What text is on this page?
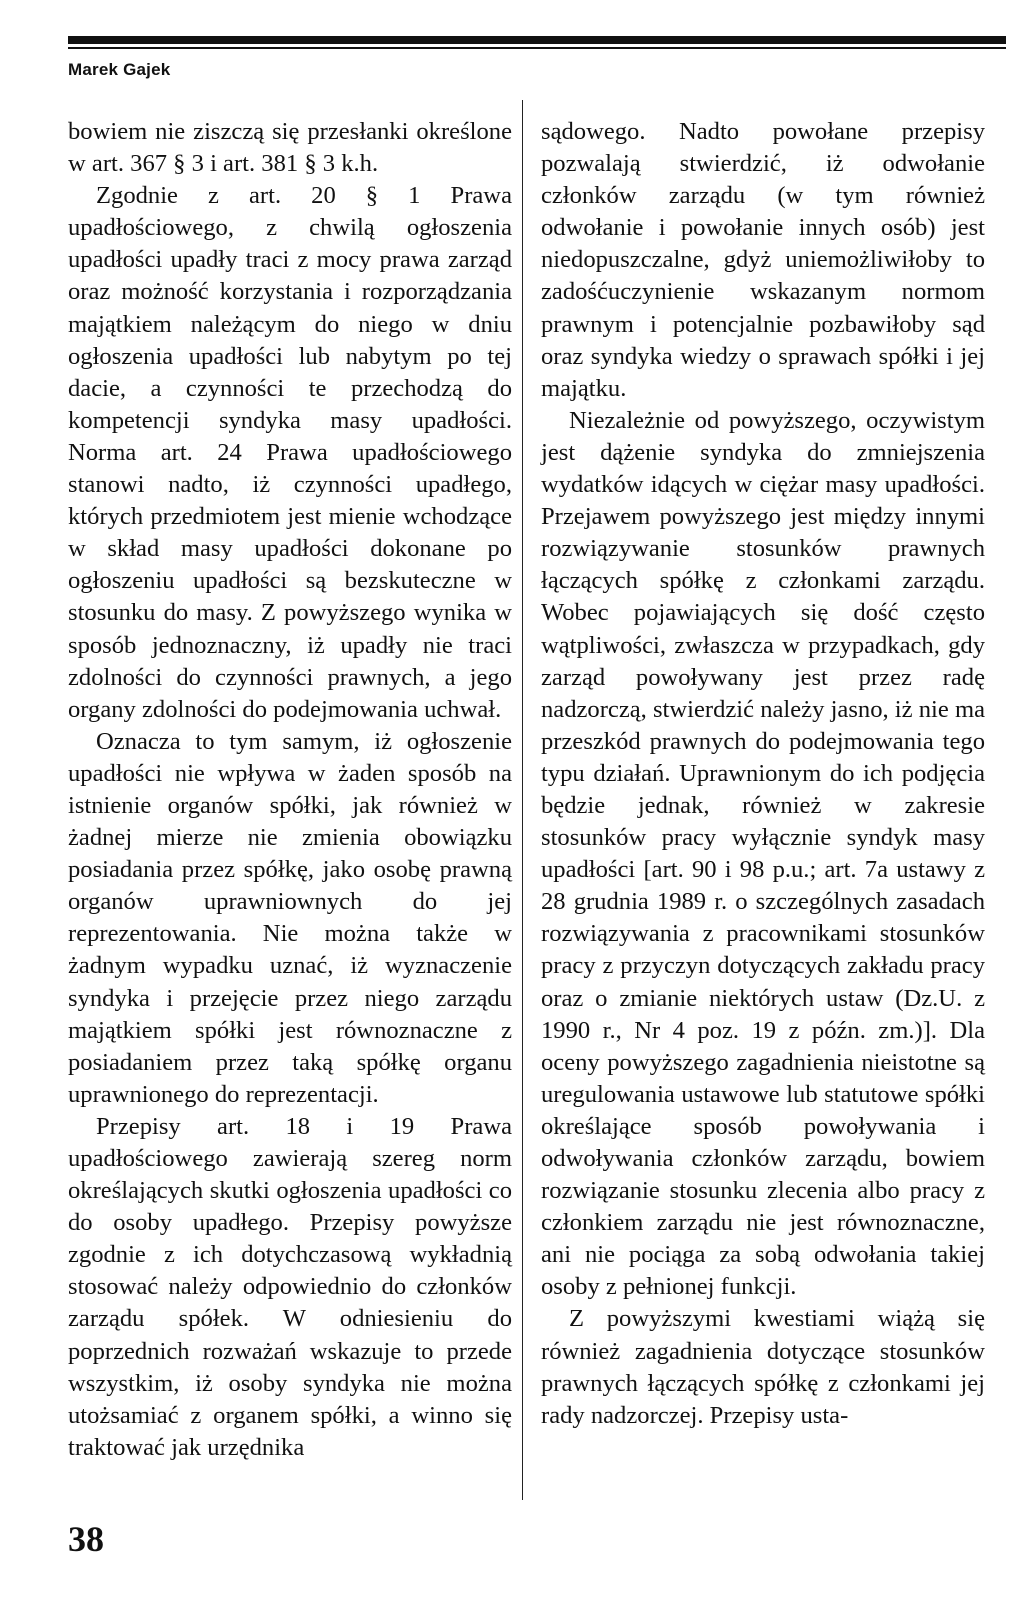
Marek Gajek

bowiem nie ziszczą się przesłanki określone w art. 367 § 3 i art. 381 § 3 k.h.

Zgodnie z art. 20 § 1 Prawa upadłościowego, z chwilą ogłoszenia upadłości upadły traci z mocy prawa zarząd oraz możność korzystania i rozporządzania majątkiem należącym do niego w dniu ogłoszenia upadłości lub nabytym po tej dacie, a czynności te przechodzą do kompetencji syndyka masy upadłości. Norma art. 24 Prawa upadłościowego stanowi nadto, iż czynności upadłego, których przedmiotem jest mienie wchodzące w skład masy upadłości dokonane po ogłoszeniu upadłości są bezskuteczne w stosunku do masy. Z powyższego wynika w sposób jednoznaczny, iż upadły nie traci zdolności do czynności prawnych, a jego organy zdolności do podejmowania uchwał.

Oznacza to tym samym, iż ogłoszenie upadłości nie wpływa w żaden sposób na istnienie organów spółki, jak również w żadnej mierze nie zmienia obowiązku posiadania przez spółkę, jako osobę prawną organów uprawniownych do jej reprezentowania. Nie można także w żadnym wypadku uznać, iż wyznaczenie syndyka i przejęcie przez niego zarządu majątkiem spółki jest równoznaczne z posiadaniem przez taką spółkę organu uprawnionego do reprezentacji.

Przepisy art. 18 i 19 Prawa upadłościowego zawierają szereg norm określających skutki ogłoszenia upadłości co do osoby upadłego. Przepisy powyższe zgodnie z ich dotychczasową wykładnią stosować należy odpowiednio do członków zarządu spółek. W odniesieniu do poprzednich rozważań wskazuje to przede wszystkim, iż osoby syndyka nie można utożsamiać z organem spółki, a winno się traktować jak urzędnika

sądowego. Nadto powołane przepisy pozwalają stwierdzić, iż odwołanie członków zarządu (w tym również odwołanie i powołanie innych osób) jest niedopuszczalne, gdyż uniemożliwiłoby to zadośćuczynienie wskazanym normom prawnym i potencjalnie pozbawiłoby sąd oraz syndyka wiedzy o sprawach spółki i jej majątku.

Niezależnie od powyższego, oczywistym jest dążenie syndyka do zmniejszenia wydatków idących w ciężar masy upadłości. Przejawem powyższego jest między innymi rozwiązywanie stosunków prawnych łączących spółkę z członkami zarządu. Wobec pojawiających się dość często wątpliwości, zwłaszcza w przypadkach, gdy zarząd powoływany jest przez radę nadzorczą, stwierdzić należy jasno, iż nie ma przeszkód prawnych do podejmowania tego typu działań. Uprawnionym do ich podjęcia będzie jednak, również w zakresie stosunków pracy wyłącznie syndyk masy upadłości [art. 90 i 98 p.u.; art. 7a ustawy z 28 grudnia 1989 r. o szczególnych zasadach rozwiązywania z pracownikami stosunków pracy z przyczyn dotyczących zakładu pracy oraz o zmianie niektórych ustaw (Dz.U. z 1990 r., Nr 4 poz. 19 z późn. zm.)]. Dla oceny powyższego zagadnienia nieistotne są uregulowania ustawowe lub statutowe spółki określające sposób powoływania i odwoływania członków zarządu, bowiem rozwiązanie stosunku zlecenia albo pracy z członkiem zarządu nie jest równoznaczne, ani nie pociąga za sobą odwołania takiej osoby z pełnionej funkcji.

Z powyższymi kwestiami wiążą się również zagadnienia dotyczące stosunków prawnych łączących spółkę z członkami jej rady nadzorczej. Przepisy usta-

38
